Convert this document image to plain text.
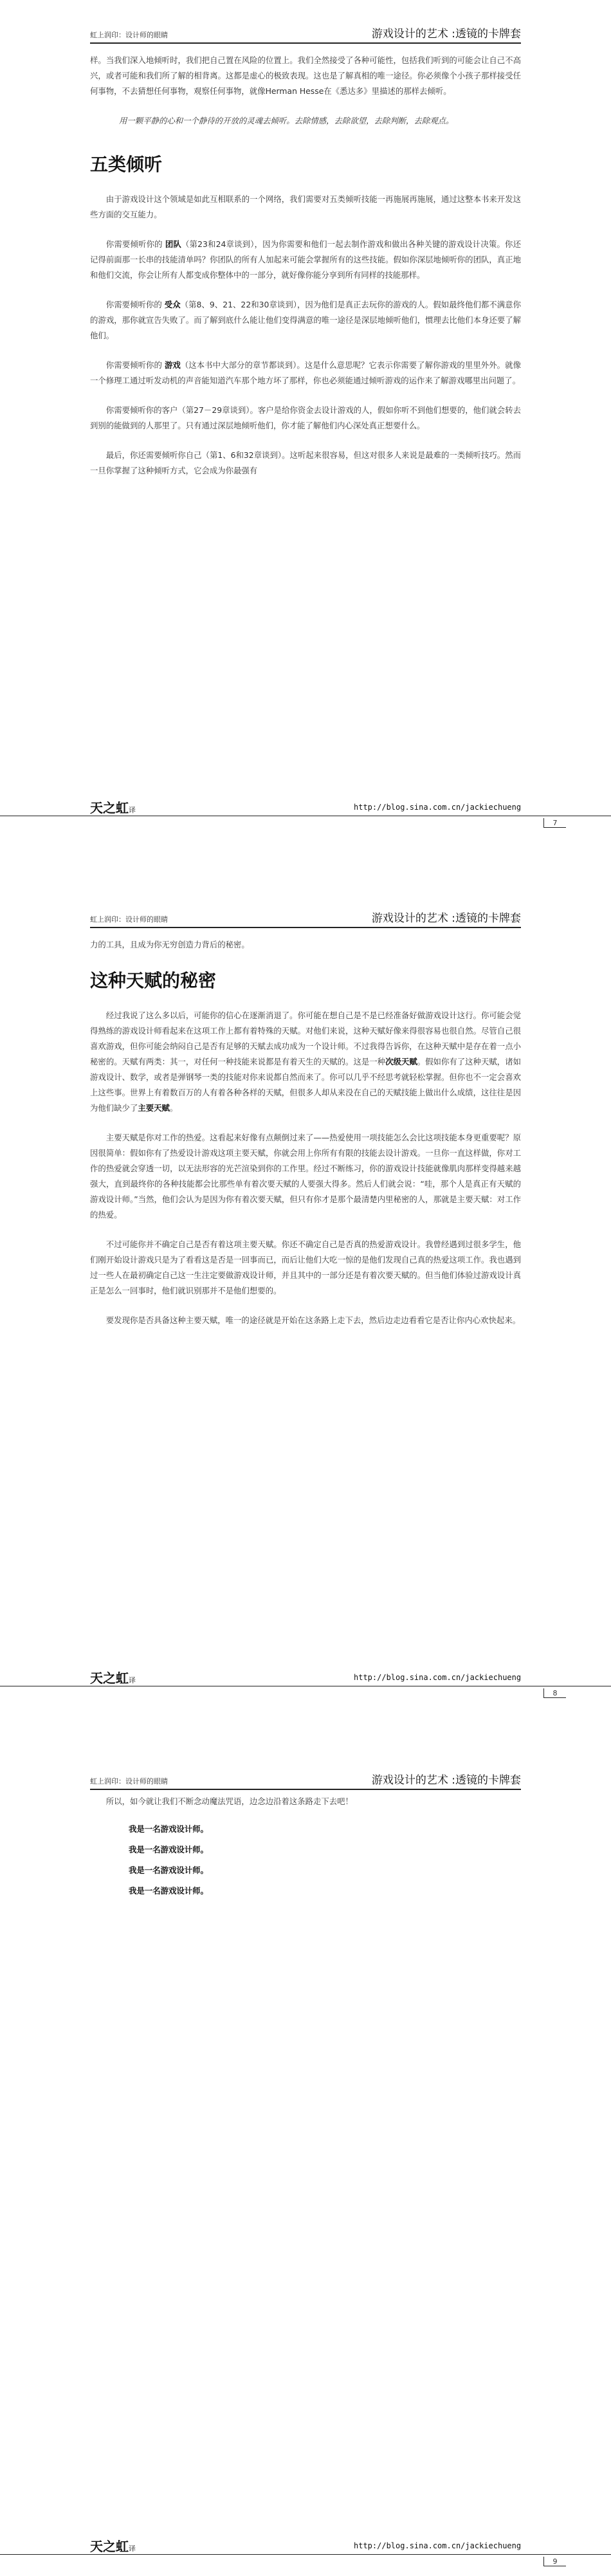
虹上润印：设计师的眼睛	游戏设计的艺术 :透镜的卡牌套

样。当我们深入地倾听时，我们把自己置在风险的位置上。我们全然接受了各种可能性，包括我们听到的可能会让自己不高兴，或者可能和我们所了解的相背离。这都是虚心的极致表现。这也是了解真相的唯一途径。你必须像个小孩子那样接受任何事物，不去猜想任何事物，观察任何事物，就像Herman Hesse在《悉达多》里描述的那样去倾听。

用一颗平静的心和一个静待的开放的灵魂去倾听。去除情感，去除欲望，去除判断，去除观点。
五类倾听

由于游戏设计这个领域是如此互相联系的一个网络，我们需要对五类倾听技能一再施展再施展，通过这整本书来开发这些方面的交互能力。

你需要倾听你的 团队（第23和24章谈到），因为你需要和他们一起去制作游戏和做出各种关键的游戏设计决策。你还记得前面那一长串的技能清单吗？你团队的所有人加起来可能会掌握所有的这些技能。假如你深层地倾听你的团队，真正地和他们交流，你会让所有人都变成你整体中的一部分，就好像你能分享到所有同样的技能那样。

你需要倾听你的 受众（第8、9、21、22和30章谈到），因为他们是真正去玩你的游戏的人。假如最终他们都不满意你的游戏，那你就宣告失败了。而了解到底什么能让他们变得满意的唯一途径是深层地倾听他们，惯理去比他们本身还要了解他们。

你需要倾听你的 游戏（这本书中大部分的章节都谈到）。这是什么意思呢？它表示你需要了解你游戏的里里外外。就像一个修理工通过听发动机的声音能知道汽车那个地方坏了那样，你也必须能通过倾听游戏的运作来了解游戏哪里出问题了。

你需要倾听你的客户（第27－29章谈到）。客户是给你资金去设计游戏的人，假如你听不到他们想要的，他们就会转去到别的能做到的人那里了。只有通过深层地倾听他们，你才能了解他们内心深处真正想要什么。

最后，你还需要倾听你自己（第1、6和32章谈到）。这听起来很容易，但这对很多人来说是最难的一类倾听技巧。然而一旦你掌握了这种倾听方式，它会成为你最强有

天之虹译	http://blog.sina.com.cn/jackiechueng
7
虹上润印：设计师的眼睛	游戏设计的艺术 :透镜的卡牌套

力的工具，且成为你无穷创造力背后的秘密。

这种天赋的秘密

经过我说了这么多以后，可能你的信心在逐渐消退了。你可能在想自己是不是已经准备好做游戏设计这行。你可能会觉得熟练的游戏设计师看起来在这项工作上都有着特殊的天赋。对他们来说，这种天赋好像来得很容易也很自然。尽管自己很喜欢游戏，但你可能会纳闷自己是否有足够的天赋去成功成为一个设计师。不过我得告诉你，在这种天赋中是存在着一点小秘密的。天赋有两类：其一，对任何一种技能来说都是有着天生的天赋的。这是一种次级天赋。假如你有了这种天赋，诸如游戏设计、数学，或者是弹钢琴一类的技能对你来说都自然而来了。你可以几乎不经思考就轻松掌握。但你也不一定会喜欢上这些事。世界上有着数百万的人有着各种各样的天赋，但很多人却从来没在自己的天赋技能上做出什么成绩，这往往是因为他们缺少了主要天赋。

主要天赋是你对工作的热爱。这看起来好像有点颠倒过来了——热爱使用一项技能怎么会比这项技能本身更重要呢？原因很简单：假如你有了热爱设计游戏这项主要天赋，你就会用上你所有有限的技能去设计游戏。一旦你一直这样做，你对工作的热爱就会穿透一切，以无法形容的光芒渲染到你的工作里。经过不断练习，你的游戏设计技能就像肌肉那样变得越来越强大，直到最终你的各种技能都会比那些单有着次要天赋的人要强大得多。然后人们就会说：“哇，那个人是真正有天赋的游戏设计师。”当然，他们会认为是因为你有着次要天赋，但只有你才是那个最清楚内里秘密的人，那就是主要天赋：对工作的热爱。

不过可能你并不确定自己是否有着这项主要天赋。你还不确定自己是否真的热爱游戏设计。我曾经遇到过很多学生，他们刚开始设计游戏只是为了看看这是否是一回事而已，而后让他们大吃一惊的是他们发现自己真的热爱这项工作。我也遇到过一些人在最初确定自己这一生注定要做游戏设计师，并且其中的一部分还是有着次要天赋的。但当他们体验过游戏设计真正是怎么一回事时，他们就识别那并不是他们想要的。

要发现你是否具备这种主要天赋，唯一的途径就是开始在这条路上走下去，然后边走边看看它是否让你内心欢快起来。

天之虹译	http://blog.sina.com.cn/jackiechueng
8
虹上润印：设计师的眼睛	游戏设计的艺术 :透镜的卡牌套

所以，如今就让我们不断念动魔法咒语，边念边沿着这条路走下去吧！

我是一名游戏设计师。
我是一名游戏设计师。
我是一名游戏设计师。
我是一名游戏设计师。
天之虹译	http://blog.sina.com.cn/jackiechueng
9
